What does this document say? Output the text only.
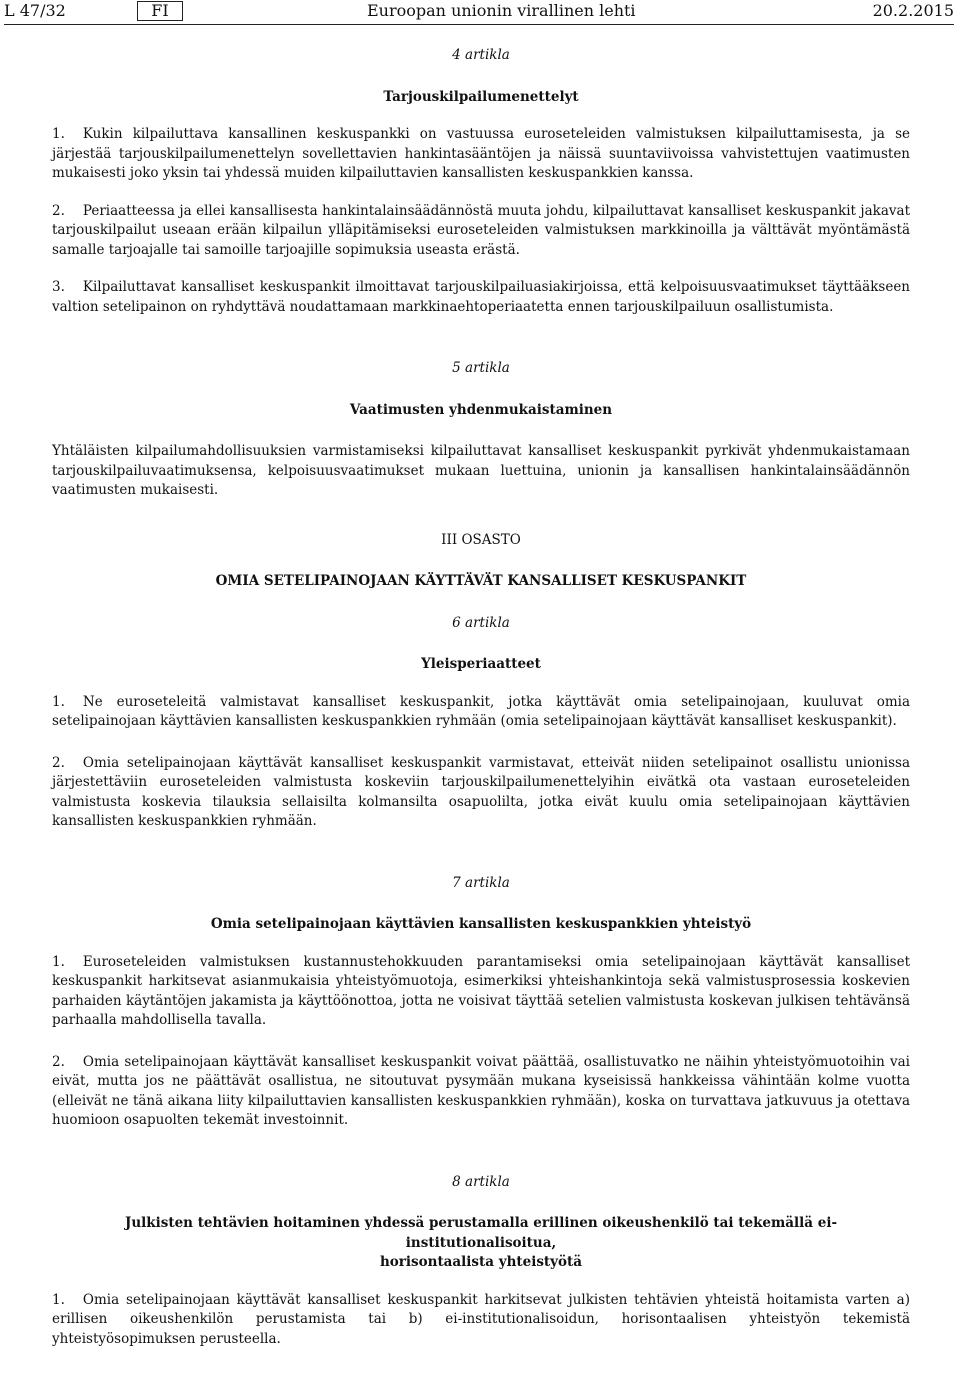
L 47/32	FI	Euroopan unionin virallinen lehti	20.2.2015

4 artikla

Tarjouskilpailumenettelyt

1. Kukin kilpailuttava kansallinen keskuspankki on vastuussa euroseteleiden valmistuksen kilpailuttamisesta, ja se järjestää tarjouskilpailumenettelyn sovellettavien hankintasääntöjen ja näissä suuntaviivoissa vahvistettujen vaatimusten mukaisesti joko yksin tai yhdessä muiden kilpailuttavien kansallisten keskuspankkien kanssa.

2. Periaatteessa ja ellei kansallisesta hankintalainsäädännöstä muuta johdu, kilpailuttavat kansalliset keskuspankit jakavat tarjouskilpailut useaan erään kilpailun ylläpitämiseksi euroseteleiden valmistuksen markkinoilla ja välttävät myöntämästä samalle tarjoajalle tai samoille tarjoajille sopimuksia useasta erästä.

3. Kilpailuttavat kansalliset keskuspankit ilmoittavat tarjouskilpailuasiakirjoissa, että kelpoisuusvaatimukset täyttääkseen valtion setelipainon on ryhdyttävä noudattamaan markkinaehtoperiaatetta ennen tarjouskilpailuun osallistumista.

5 artikla

Vaatimusten yhdenmukaistaminen

Yhtäläisten kilpailumahdollisuuksien varmistamiseksi kilpailuttavat kansalliset keskuspankit pyrkivät yhdenmukaistamaan tarjouskilpailuvaatimuksensa, kelpoisuusvaatimukset mukaan luettuina, unionin ja kansallisen hankintalainsäädännön vaatimusten mukaisesti.

III OSASTO

OMIA SETELIPAINOJAAN KÄYTTÄVÄT KANSALLISET KESKUSPANKIT

6 artikla

Yleisperiaatteet

1. Ne euroseteleitä valmistavat kansalliset keskuspankit, jotka käyttävät omia setelipainojaan, kuuluvat omia setelipainojaan käyttävien kansallisten keskuspankkien ryhmään (omia setelipainojaan käyttävät kansalliset keskuspankit).

2. Omia setelipainojaan käyttävät kansalliset keskuspankit varmistavat, etteivät niiden setelipainot osallistu unionissa järjestettäviin euroseteleiden valmistusta koskeviin tarjouskilpailumenettelyihin eivätkä ota vastaan euroseteleiden valmistusta koskevia tilauksia sellaisilta kolmansilta osapuolilta, jotka eivät kuulu omia setelipainojaan käyttävien kansallisten keskuspankkien ryhmään.

7 artikla

Omia setelipainojaan käyttävien kansallisten keskuspankkien yhteistyö

1. Euroseteleiden valmistuksen kustannustehokkuuden parantamiseksi omia setelipainojaan käyttävät kansalliset keskuspankit harkitsevat asianmukaisia yhteistyömuotoja, esimerkiksi yhteishankintoja sekä valmistusprosessia koskevien parhaiden käytäntöjen jakamista ja käyttöönottoa, jotta ne voisivat täyttää setelien valmistusta koskevan julkisen tehtävänsä parhaalla mahdollisella tavalla.

2. Omia setelipainojaan käyttävät kansalliset keskuspankit voivat päättää, osallistuvatko ne näihin yhteistyömuotoihin vai eivät, mutta jos ne päättävät osallistua, ne sitoutuvat pysymään mukana kyseisissä hankkeissa vähintään kolme vuotta (elleivät ne tänä aikana liity kilpailuttavien kansallisten keskuspankkien ryhmään), koska on turvattava jatkuvuus ja otettava huomioon osapuolten tekemät investoinnit.

8 artikla

Julkisten tehtävien hoitaminen yhdessä perustamalla erillinen oikeushenkilö tai tekemällä ei-institutionalisoitua,

horisontaalista yhteistyötä

1. Omia setelipainojaan käyttävät kansalliset keskuspankit harkitsevat julkisten tehtävien yhteistä hoitamista varten a) erillisen oikeushenkilön perustamista tai b) ei-institutionalisoidun, horisontaalisen yhteistyön tekemistä yhteistyösopimuksen perusteella.
